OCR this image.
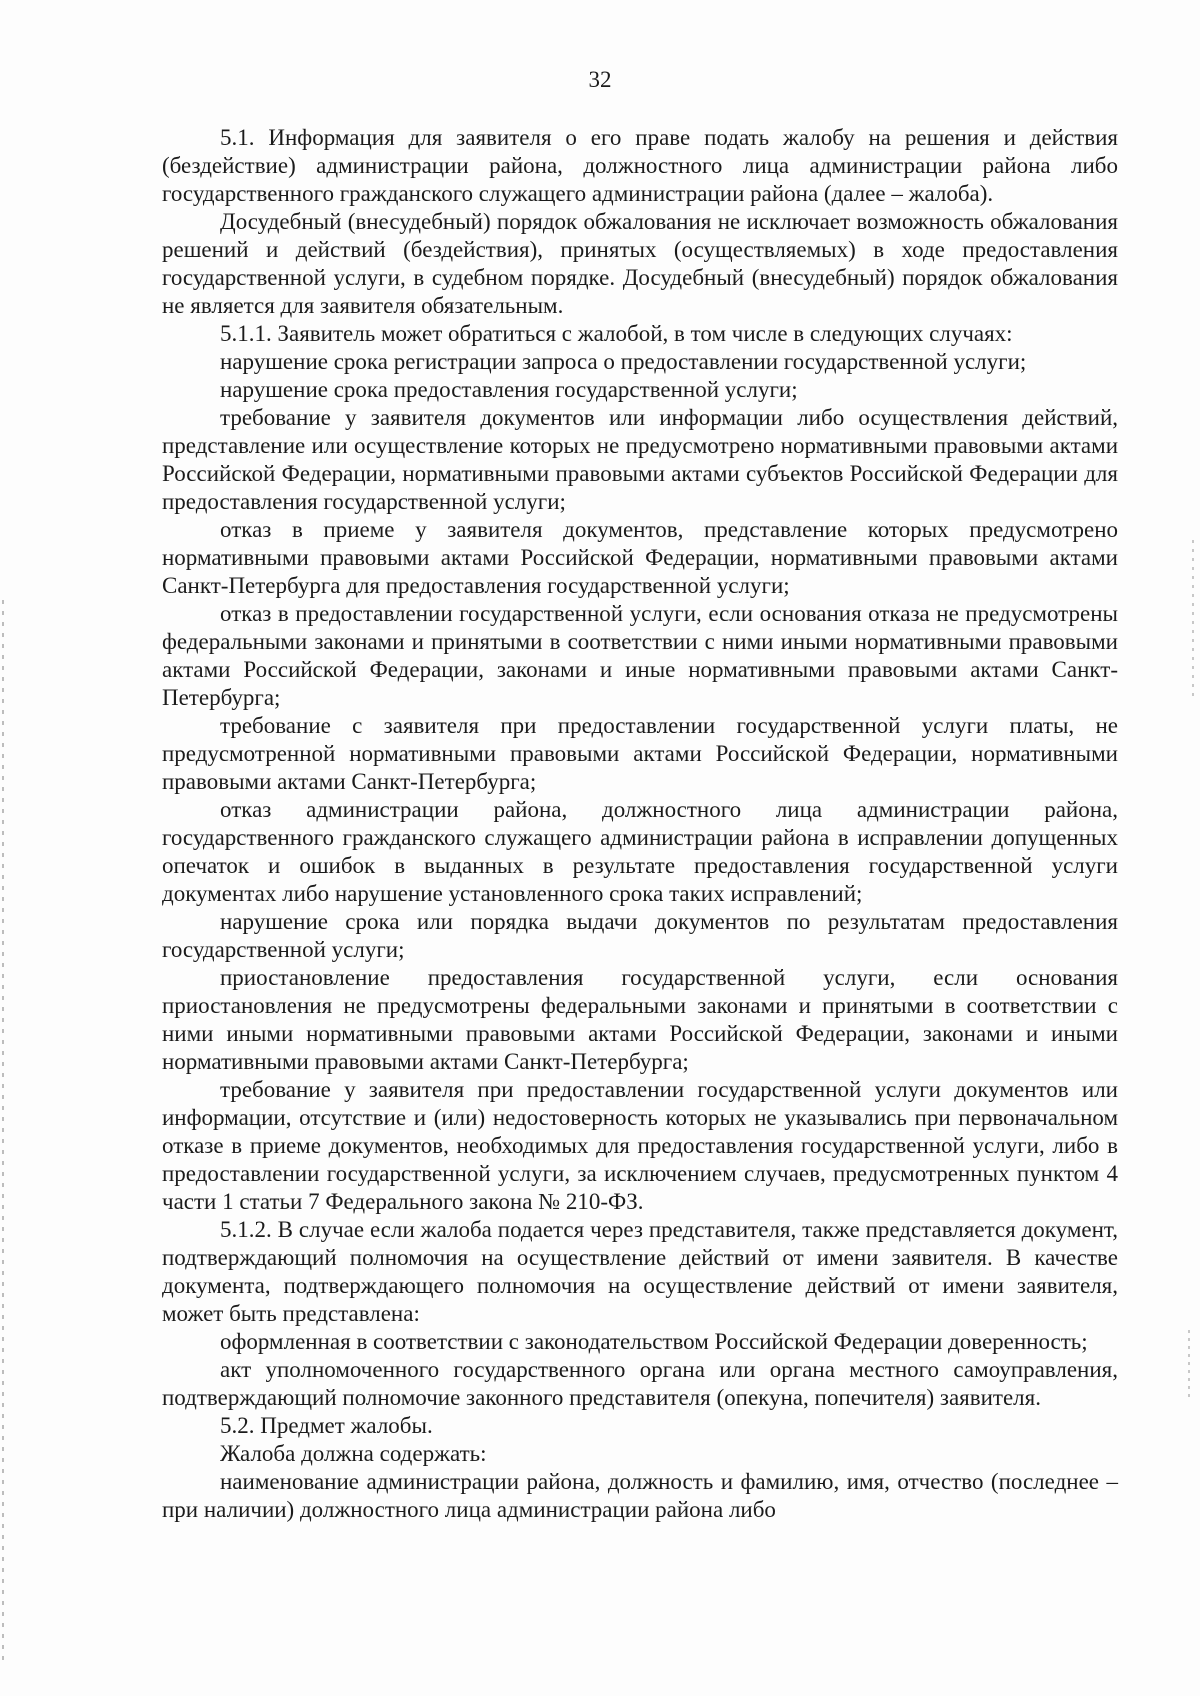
32

5.1. Информация для заявителя о его праве подать жалобу на решения и действия (бездействие) администрации района, должностного лица администрации района либо государственного гражданского служащего администрации района (далее – жалоба).

Досудебный (внесудебный) порядок обжалования не исключает возможность обжалования решений и действий (бездействия), принятых (осуществляемых) в ходе предоставления государственной услуги, в судебном порядке. Досудебный (внесудебный) порядок обжалования не является для заявителя обязательным.

5.1.1. Заявитель может обратиться с жалобой, в том числе в следующих случаях:

нарушение срока регистрации запроса о предоставлении государственной услуги;

нарушение срока предоставления государственной услуги;

требование у заявителя документов или информации либо осуществления действий, представление или осуществление которых не предусмотрено нормативными правовыми актами Российской Федерации, нормативными правовыми актами субъектов Российской Федерации для предоставления государственной услуги;

отказ в приеме у заявителя документов, представление которых предусмотрено нормативными правовыми актами Российской Федерации, нормативными правовыми актами Санкт-Петербурга для предоставления государственной услуги;

отказ в предоставлении государственной услуги, если основания отказа не предусмотрены федеральными законами и принятыми в соответствии с ними иными нормативными правовыми актами Российской Федерации, законами и иные нормативными правовыми актами Санкт-Петербурга;

требование с заявителя при предоставлении государственной услуги платы, не предусмотренной нормативными правовыми актами Российской Федерации, нормативными правовыми актами Санкт-Петербурга;

отказ администрации района, должностного лица администрации района, государственного гражданского служащего администрации района в исправлении допущенных опечаток и ошибок в выданных в результате предоставления государственной услуги документах либо нарушение установленного срока таких исправлений;

нарушение срока или порядка выдачи документов по результатам предоставления государственной услуги;

приостановление предоставления государственной услуги, если основания приостановления не предусмотрены федеральными законами и принятыми в соответствии с ними иными нормативными правовыми актами Российской Федерации, законами и иными нормативными правовыми актами Санкт-Петербурга;

требование у заявителя при предоставлении государственной услуги документов или информации, отсутствие и (или) недостоверность которых не указывались при первоначальном отказе в приеме документов, необходимых для предоставления государственной услуги, либо в предоставлении государственной услуги, за исключением случаев, предусмотренных пунктом 4 части 1 статьи 7 Федерального закона № 210-ФЗ.

5.1.2. В случае если жалоба подается через представителя, также представляется документ, подтверждающий полномочия на осуществление действий от имени заявителя. В качестве документа, подтверждающего полномочия на осуществление действий от имени заявителя, может быть представлена:

оформленная в соответствии с законодательством Российской Федерации доверенность;

акт уполномоченного государственного органа или органа местного самоуправления, подтверждающий полномочие законного представителя (опекуна, попечителя) заявителя.

5.2. Предмет жалобы.

Жалоба должна содержать:

наименование администрации района, должность и фамилию, имя, отчество (последнее – при наличии) должностного лица администрации района либо
